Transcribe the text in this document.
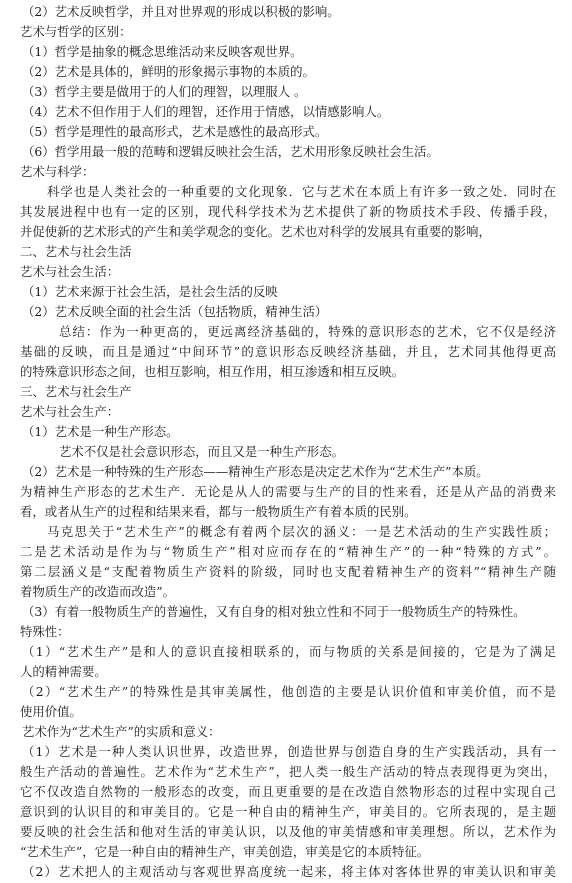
（2）艺术反映哲学，并且对世界观的形成以积极的影响。
艺术与哲学的区别：
（1）哲学是抽象的概念思维活动来反映客观世界。
（2）艺术是具体的，鲜明的形象揭示事物的本质的。
（3）哲学主要是做用于的人们的理智，以理服人 。
（4）艺术不但作用于人们的理智，还作用于情感，以情感影响人。
（5）哲学是理性的最高形式，艺术是感性的最高形式。
（6）哲学用最一般的范畴和逻辑反映社会生活，艺术用形象反映社会生活。
艺术与科学：
科学也是人类社会的一种重要的文化现象．它与艺术在本质上有许多一致之处．同时在
其发展进程中也有一定的区别，现代科学技术为艺术提供了新的物质技术手段、传播手段，
并促使新的艺术形式的产生和美学观念的变化。艺术也对科学的发展具有重要的影响，
二、艺术与社会生活
艺术与社会生活：
（1）艺术来源于社会生活，是社会生活的反映
（2）艺术反映全面的社会生活（包括物质，精神生活）
总结：作为一种更高的，更远离经济基础的，特殊的意识形态的艺术，它不仅是经济
基础的反映，而且是通过“中间环节”的意识形态反映经济基础，并且，艺术同其他得更高
的特殊意识形态之间，也相互影响，相互作用，相互渗透和相互反映。
三、艺术与社会生产
艺术与社会生产：
（1）艺术是一种生产形态。
艺术不仅是社会意识形态，而且又是一种生产形态。
（2）艺术是一种特殊的生产形态——精神生产形态是决定艺术作为“艺术生产”本质。
为精神生产形态的艺术生产．无论是从人的需要与生产的目的性来看，还是从产品的消费来
看，或者从生产的过程和结果来看，都与一般物质生产有着本质的民别。
马克思关于“艺术生产”的概念有着两个层次的涵义：一是艺术活动的生产实践性质；
二是艺术活动是作为与“物质生产”相对应而存在的“精神生产”的一种“特殊的方式”。
第二层涵义是“支配着物质生产资料的阶级，同时也支配着精神生产的资料”“精神生产随
着物质生产的改造而改造”。
（3）有着一般物质生产的普遍性，又有自身的相对独立性和不同于一般物质生产的特殊性。
特殊性：
（1）“艺术生产”是和人的意识直接相联系的，而与物质的关系是间接的，它是为了满足
人的精神需要。
（2）“艺术生产”的特殊性是其审美属性，他创造的主要是认识价值和审美价值，而不是
使用价值。
艺术作为“艺术生产”的实质和意义：
（1）艺术是一种人类认识世界，改造世界，创造世界与创造自身的生产实践活动，具有一
般生产活动的普遍性。艺术作为“艺术生产”，把人类一般生产活动的特点表现得更为突出，
它不仅改造自然物的一般形态的改变，而且更重要的是在改造自然物形态的过程中实现自己
意识到的认识目的和审美目的。它是一种自由的精神生产，审美目的。它所表现的，是主题
要反映的社会生活和他对生活的审美认识，以及他的审美情感和审美理想。所以，艺术作为
“艺术生产”，它是一种自由的精神生产，审美创造，审美是它的本质特征。
（2）艺术把人的主观活动与客观世界高度统一起来，将主体对客体世界的审美认识和审美
